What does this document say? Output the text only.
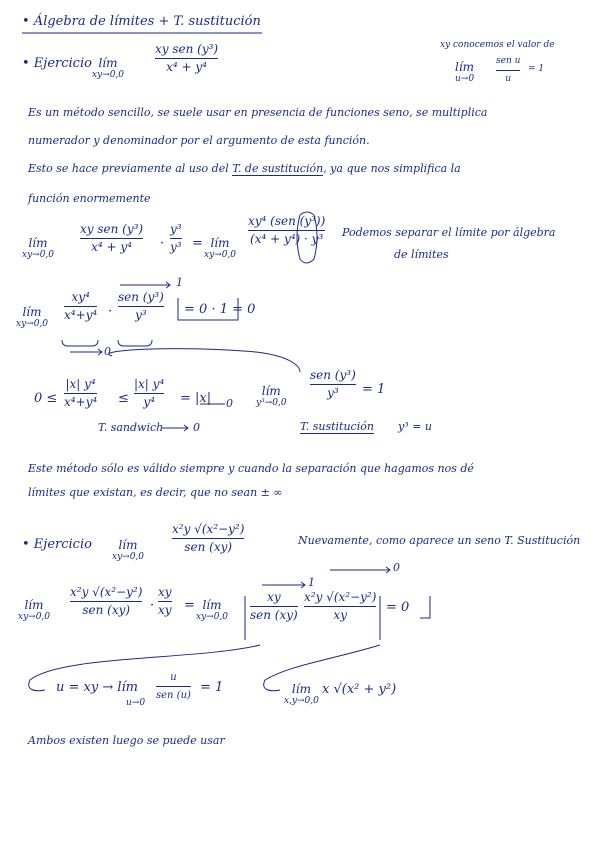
• Álgebra de límites + T. sustitución
xy conocemos el valor de
lím
u→0
sen u
u
= 1
• Ejercicio lím
xy→0,0
xy sen (y³)
x⁴ + y⁴
Es un método sencillo, se suele usar en presencia de funciones seno, se multiplica
numerador y denominador por el argumento de esta función.
Esto se hace previamente al uso del T. de sustitución, ya que nos simplifica la
función enormemente
lím
xy→0,0
xy sen (y³)
x⁴ + y⁴	·
y³
y³ = lím
xy→0,0
xy⁴ (sen (y³))
(x⁴ + y⁴) · y³ Podemos separar el límite por álgebra
de límites
lím
xy→0,0
xy⁴
x⁴+y⁴ ·
sen (y³)
y³
1
= 0 · 1 = 0
0
0 ≤
|x| y⁴
x⁴+y⁴ ≤
|x| y⁴
y⁴	= |x| 0
T. sandwich	0
lím
y³→0,0
sen (y³)
y³	= 1
T. sustitución y³ = u
Este método sólo es válido siempre y cuando la separación que hagamos nos dé
límites que existan, es decir, que no sean ± ∞
• Ejercicio	lím
xy→0,0
x²y √(x²−y²)
sen (xy)	Nuevamente, como aparece un seno T. Sustitución
lím
xy→0,0
x²y √(x²−y²)
sen (xy)	·
xy
xy = lím
xy→0,0
xy
sen (xy)
x²y √(x²−y²)
xy	= 0
1
0
u = xy → lím
u→0
u
sen (u)
= 1	lím
x,y→0,0
x √(x² + y²)
Ambos existen luego se puede usar
